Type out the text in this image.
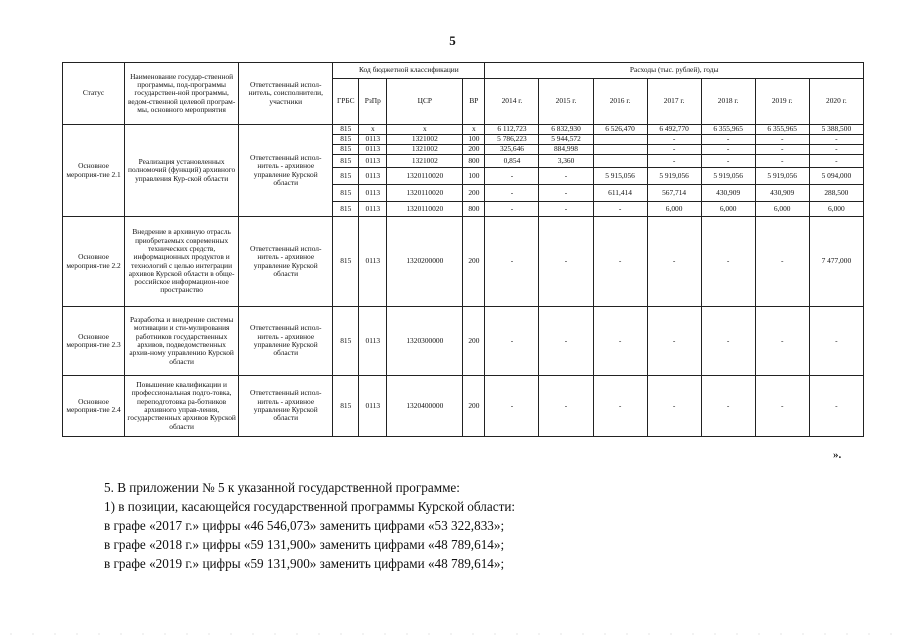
5
Статус	Наименование государ-ственной программы, под-программы государствен-ной программы, ведом-ственной целевой програм-мы, основного мероприятия	Ответственный испол-нитель, соисполнители, участники	Код бюджетной классификации				Расходы (тыс. рублей), годы						
			ГРБС	РзПр	ЦСР	ВР	2014 г.	2015 г.	2016 г.	2017 г.	2018 г.	2019 г.	2020 г.
Основное мероприя-тие 2.1	Реализация установленных полномочий (функций) архивного управления Кур-ской области	Ответственный испол-нитель - архивное управление Курской области	815	x	x	x	6 112,723	6 832,930	6 526,470	6 492,770	6 355,965	6 355,965	5 388,500
			815	0113	1321002	100	5 786,223	5 944,572		-	-	-	-
			815	0113	1321002	200	325,646	884,998		-	-	-	-
			815	0113	1321002	800	0,854	3,360		-	-	-	-
			815	0113	1320110020	100	-	-	5 915,056	5 919,056	5 919,056	5 919,056	5 094,000
			815	0113	1320110020	200	-	-	611,414	567,714	430,909	430,909	288,500
			815	0113	1320110020	800	-	-	-	6,000	6,000	6,000	6,000
Основное мероприя-тие 2.2	Внедрение в архивную отрасль приобретаемых современных технических средств, информационных продуктов и технологий с целью интеграции архивов Курской области в обще-российское информацион-ное пространство	Ответственный испол-нитель - архивное управление Курской области	815	0113	1320200000	200	-	-	-	-	-	-	7 477,000
Основное мероприя-тие 2.3	Разработка и внедрение системы мотивации и сти-мулирования работников государственных архивов, подведомственных архив-ному управлению Курской области	Ответственный испол-нитель - архивное управление Курской области	815	0113	1320300000	200	-	-	-	-	-	-	-
Основное мероприя-тие 2.4	Повышение квалификации и профессиональная подго-товка, переподготовка ра-ботников архивного управ-ления, государственных архивов Курской области	Ответственный испол-нитель - архивное управление Курской области	815	0113	1320400000	200	-	-	-	-	-	-	-
».

5. В приложении № 5 к указанной государственной программе:

1) в позиции, касающейся государственной программы Курской области:

в графе «2017 г.» цифры «46 546,073» заменить цифрами «53 322,833»;

в графе «2018 г.» цифры «59 131,900» заменить цифрами «48 789,614»;

в графе «2019 г.» цифры «59 131,900» заменить цифрами «48 789,614»;
